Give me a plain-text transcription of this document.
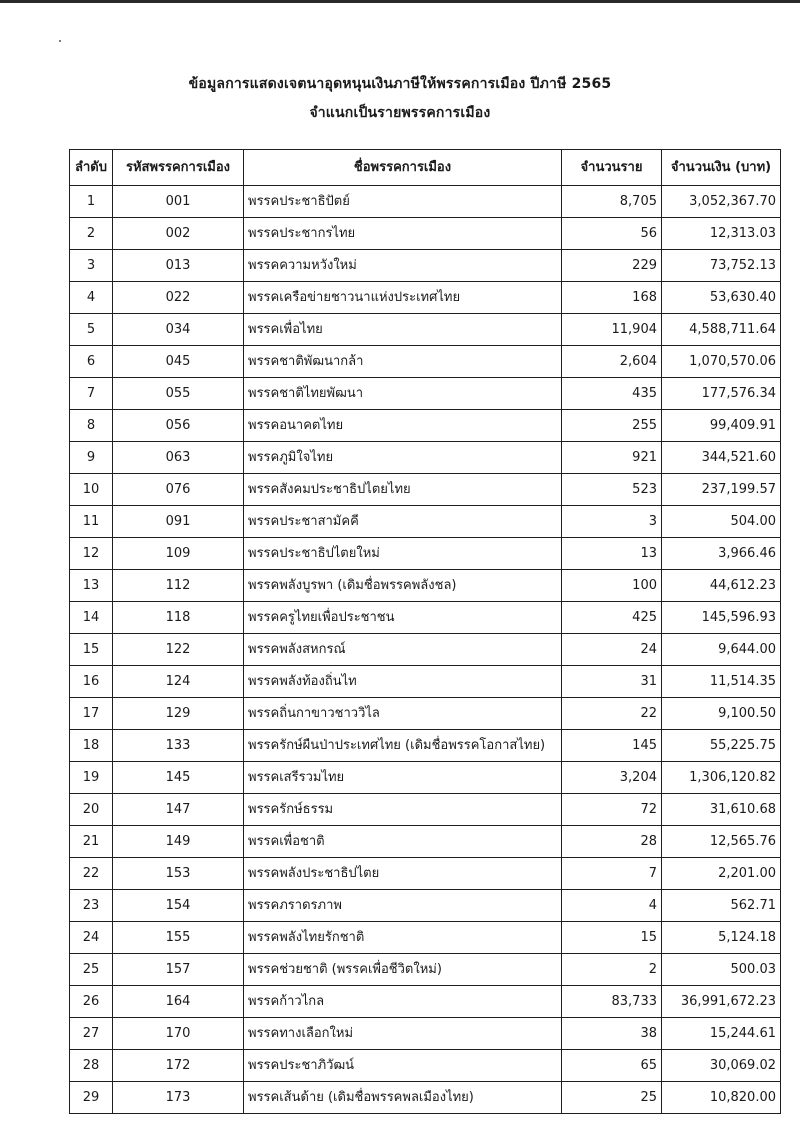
ข้อมูลการแสดงเจตนาอุดหนุนเงินภาษีให้พรรคการเมือง ปีภาษี 2565
จำแนกเป็นรายพรรคการเมือง
ลำดับ	รหัสพรรคการเมือง	ชื่อพรรคการเมือง	จำนวนราย	จำนวนเงิน (บาท)
1	001	พรรคประชาธิปัตย์	8,705	3,052,367.70
2	002	พรรคประชากรไทย	56	12,313.03
3	013	พรรคความหวังใหม่	229	73,752.13
4	022	พรรคเครือข่ายชาวนาแห่งประเทศไทย	168	53,630.40
5	034	พรรคเพื่อไทย	11,904	4,588,711.64
6	045	พรรคชาติพัฒนากล้า	2,604	1,070,570.06
7	055	พรรคชาติไทยพัฒนา	435	177,576.34
8	056	พรรคอนาคตไทย	255	99,409.91
9	063	พรรคภูมิใจไทย	921	344,521.60
10	076	พรรคสังคมประชาธิปไตยไทย	523	237,199.57
11	091	พรรคประชาสามัคคี	3	504.00
12	109	พรรคประชาธิปไตยใหม่	13	3,966.46
13	112	พรรคพลังบูรพา (เดิมชื่อพรรคพลังชล)	100	44,612.23
14	118	พรรคครูไทยเพื่อประชาชน	425	145,596.93
15	122	พรรคพลังสหกรณ์	24	9,644.00
16	124	พรรคพลังท้องถิ่นไท	31	11,514.35
17	129	พรรคถิ่นกาขาวชาววิไล	22	9,100.50
18	133	พรรครักษ์ผืนป่าประเทศไทย (เดิมชื่อพรรคโอกาสไทย)	145	55,225.75
19	145	พรรคเสรีรวมไทย	3,204	1,306,120.82
20	147	พรรครักษ์ธรรม	72	31,610.68
21	149	พรรคเพื่อชาติ	28	12,565.76
22	153	พรรคพลังประชาธิปไตย	7	2,201.00
23	154	พรรคภราดรภาพ	4	562.71
24	155	พรรคพลังไทยรักชาติ	15	5,124.18
25	157	พรรคช่วยชาติ (พรรคเพื่อชีวิตใหม่)	2	500.03
26	164	พรรคก้าวไกล	83,733	36,991,672.23
27	170	พรรคทางเลือกใหม่	38	15,244.61
28	172	พรรคประชาภิวัฒน์	65	30,069.02
29	173	พรรคเส้นด้าย (เดิมชื่อพรรคพลเมืองไทย)	25	10,820.00
